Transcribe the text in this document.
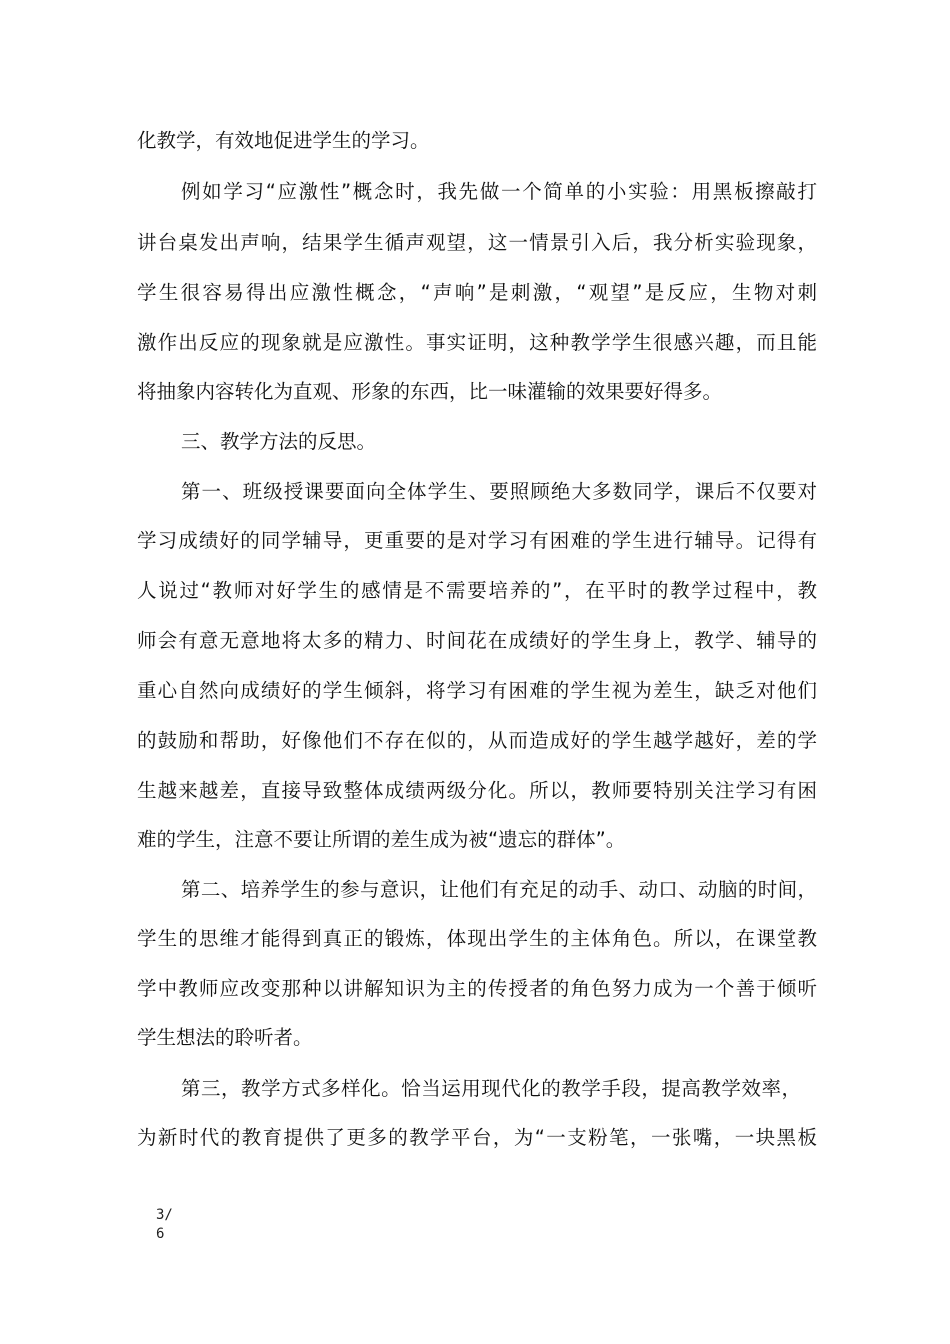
化教学，有效地促进学生的学习。
例如学习“应激性”概念时，我先做一个简单的小实验：用黑板擦敲打
讲台桌发出声响，结果学生循声观望，这一情景引入后，我分析实验现象，
学生很容易得出应激性概念，“声响”是刺激，“观望”是反应，生物对刺
激作出反应的现象就是应激性。事实证明，这种教学学生很感兴趣，而且能
将抽象内容转化为直观、形象的东西，比一味灌输的效果要好得多。
三、教学方法的反思。
第一、班级授课要面向全体学生、要照顾绝大多数同学，课后不仅要对
学习成绩好的同学辅导，更重要的是对学习有困难的学生进行辅导。记得有
人说过“教师对好学生的感情是不需要培养的”，在平时的教学过程中，教
师会有意无意地将太多的精力、时间花在成绩好的学生身上，教学、辅导的
重心自然向成绩好的学生倾斜，将学习有困难的学生视为差生，缺乏对他们
的鼓励和帮助，好像他们不存在似的，从而造成好的学生越学越好，差的学
生越来越差，直接导致整体成绩两级分化。所以，教师要特别关注学习有困
难的学生，注意不要让所谓的差生成为被“遗忘的群体”。
第二、培养学生的参与意识，让他们有充足的动手、动口、动脑的时间，
学生的思维才能得到真正的锻炼，体现出学生的主体角色。所以，在课堂教
学中教师应改变那种以讲解知识为主的传授者的角色努力成为一个善于倾听
学生想法的聆听者。
第三，教学方式多样化。恰当运用现代化的教学手段，提高教学效率，
为新时代的教育提供了更多的教学平台，为“一支粉笔，一张嘴，一块黑板
3/
6
